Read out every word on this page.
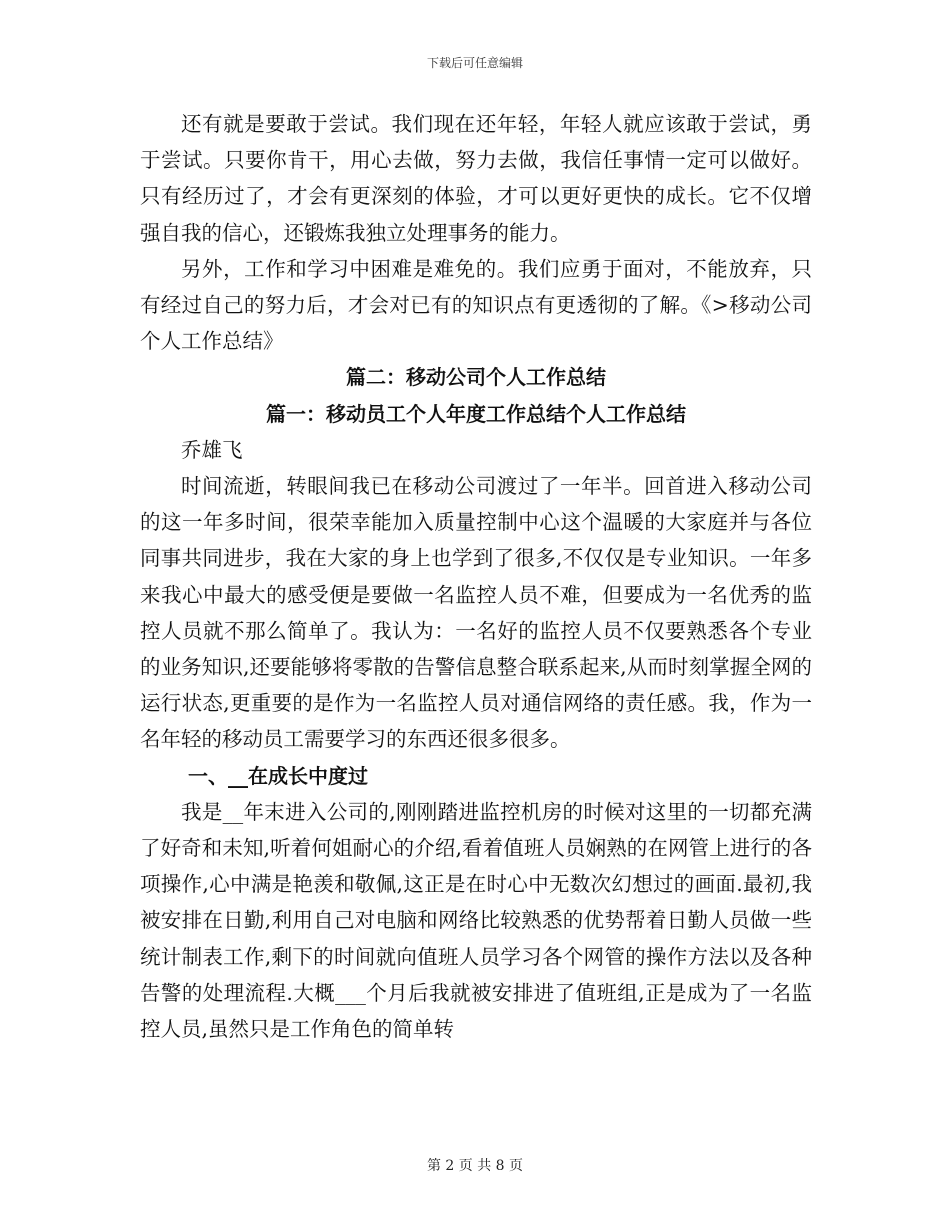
下载后可任意编辑

还有就是要敢于尝试。我们现在还年轻，年轻人就应该敢于尝试，勇于尝试。只要你肯干，用心去做，努力去做，我信任事情一定可以做好。只有经历过了，才会有更深刻的体验，才可以更好更快的成长。它不仅增强自我的信心，还锻炼我独立处理事务的能力。

另外，工作和学习中困难是难免的。我们应勇于面对，不能放弃，只有经过自己的努力后，才会对已有的知识点有更透彻的了解。《>移动公司个人工作总结》

篇二：移动公司个人工作总结

篇一：移动员工个人年度工作总结个人工作总结

乔雄飞

时间流逝，转眼间我已在移动公司渡过了一年半。回首进入移动公司的这一年多时间，很荣幸能加入质量控制中心这个温暖的大家庭并与各位同事共同进步，我在大家的身上也学到了很多,不仅仅是专业知识。一年多来我心中最大的感受便是要做一名监控人员不难，但要成为一名优秀的监控人员就不那么简单了。我认为：一名好的监控人员不仅要熟悉各个专业的业务知识,还要能够将零散的告警信息整合联系起来,从而时刻掌握全网的运行状态,更重要的是作为一名监控人员对通信网络的责任感。我，作为一名年轻的移动员工需要学习的东西还很多很多。

一、__在成长中度过

我是__年末进入公司的,刚刚踏进监控机房的时候对这里的一切都充满了好奇和未知,听着何姐耐心的介绍,看着值班人员娴熟的在网管上进行的各项操作,心中满是艳羡和敬佩,这正是在时心中无数次幻想过的画面.最初,我被安排在日勤,利用自己对电脑和网络比较熟悉的优势帮着日勤人员做一些统计制表工作,剩下的时间就向值班人员学习各个网管的操作方法以及各种告警的处理流程.大概___个月后我就被安排进了值班组,正是成为了一名监控人员,虽然只是工作角色的简单转

第 2 页 共 8 页
